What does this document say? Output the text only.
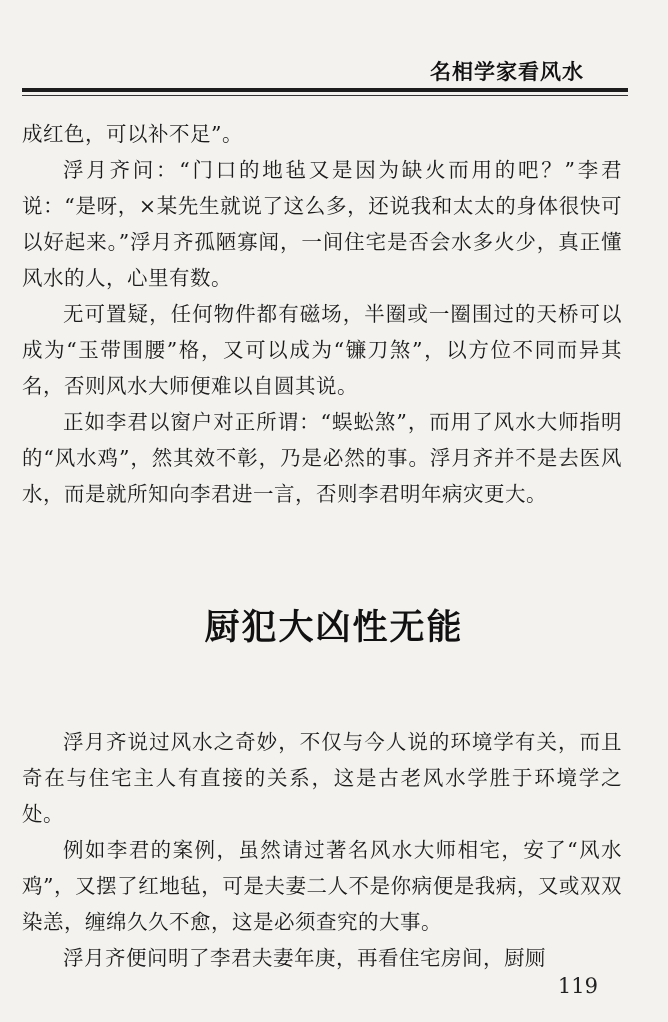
名相学家看风水

成红色，可以补不足”。

浮月齐问：“门口的地毡又是因为缺火而用的吧？”李君说：“是呀，×某先生就说了这么多，还说我和太太的身体很快可以好起来。”浮月齐孤陋寡闻，一间住宅是否会水多火少，真正懂风水的人，心里有数。

无可置疑，任何物件都有磁场，半圈或一圈围过的天桥可以成为“玉带围腰”格，又可以成为“镰刀煞”，以方位不同而异其名，否则风水大师便难以自圆其说。

正如李君以窗户对正所谓：“蜈蚣煞”，而用了风水大师指明的“风水鸡”，然其效不彰，乃是必然的事。浮月齐并不是去医风水，而是就所知向李君进一言，否则李君明年病灾更大。

厨犯大凶性无能

浮月齐说过风水之奇妙，不仅与今人说的环境学有关，而且奇在与住宅主人有直接的关系，这是古老风水学胜于环境学之处。

例如李君的案例，虽然请过著名风水大师相宅，安了“风水鸡”，又摆了红地毡，可是夫妻二人不是你病便是我病，又或双双染恙，缠绵久久不愈，这是必须查究的大事。

浮月齐便问明了李君夫妻年庚，再看住宅房间，厨厕

119
